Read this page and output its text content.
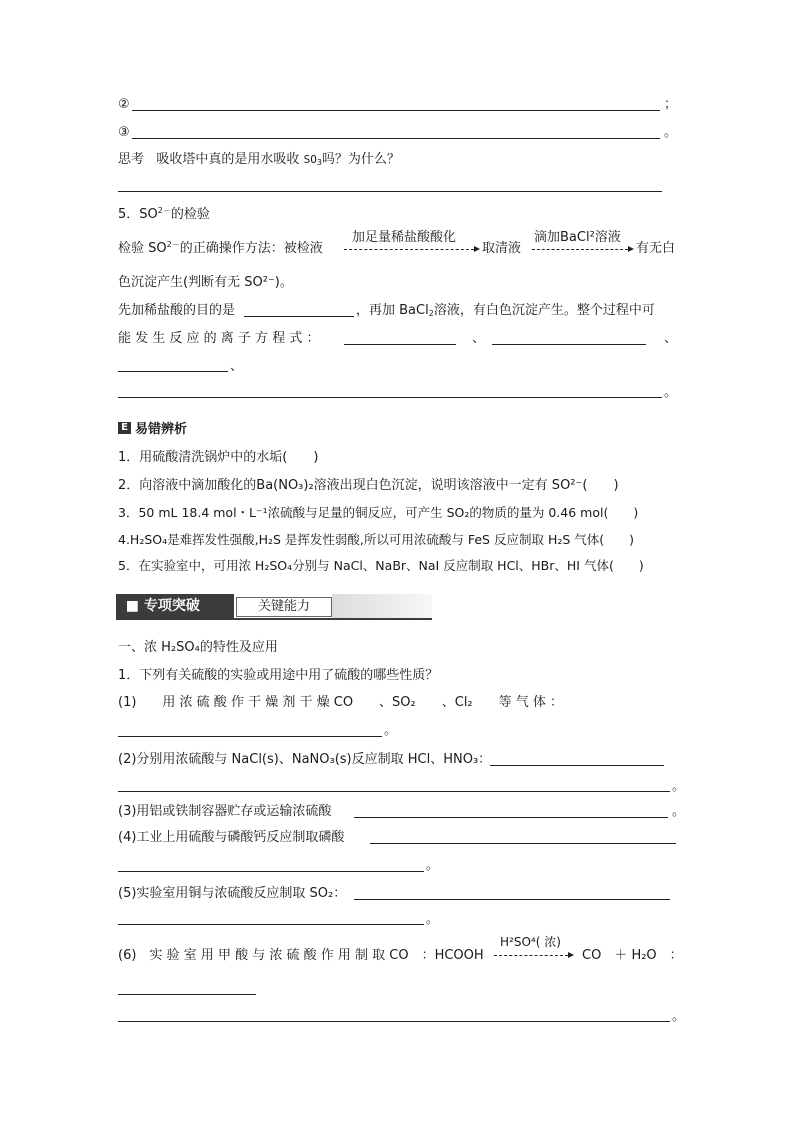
②	；
③	。
思考 吸收塔中真的是用水吸收 $SO_3$吗？为什么？
5．$SO^{2-}$的检验
检验 $SO^{2-}$的正确操作方法：被检液
加足量稀盐酸酸化
取清液
滴加BaCl²溶液
有无白
色沉淀产生(判断有无 SO²⁻)。
先加稀盐酸的目的是	，再加 BaCl$_2$溶液，有白色沉淀产生。整个过程中可
能 发 生 反 应 的 离 子 方 程 式 ：	、	、
、
。
E 易错辨析
1．用硫酸清洗锅炉中的水垢(　　)
2．向溶液中滴加酸化的Ba(NO₃)₂溶液出现白色沉淀，说明该溶液中一定有 SO²⁻(　　)
3．50 mL 18.4 mol・L⁻¹浓硫酸与足量的铜反应，可产生 SO₂的物质的量为 0.46 mol(　　)
4.H₂SO₄是难挥发性强酸,H₂S 是挥发性弱酸,所以可用浓硫酸与 FeS 反应制取 H₂S 气体(　　)
5．在实验室中，可用浓 H₂SO₄分别与 NaCl、NaBr、NaI 反应制取 HCl、HBr、HI 气体(　　)
■ 专项突破	关键能力
一、浓 H₂SO₄的特性及应用
1．下列有关硫酸的实验或用途中用了硫酸的哪些性质？
(1)　　用 浓 硫 酸 作 干 燥 剂 干 燥 CO　　、SO₂　　、Cl₂　　等 气 体 ：
。
(2)分别用浓硫酸与 NaCl(s)、NaNO₃(s)反应制取 HCl、HNO₃：
。
(3)用铝或铁制容器贮存或运输浓硫酸	。
(4)工业上用硫酸与磷酸钙反应制取磷酸
。
(5)实验室用铜与浓硫酸反应制取 SO₂：
。
(6)　实 验 室 用 甲 酸 与 浓 硫 酸 作 用 制 取 CO　：HCOOH
H²SO⁴( 浓)
CO　＋ H₂O　：
。
